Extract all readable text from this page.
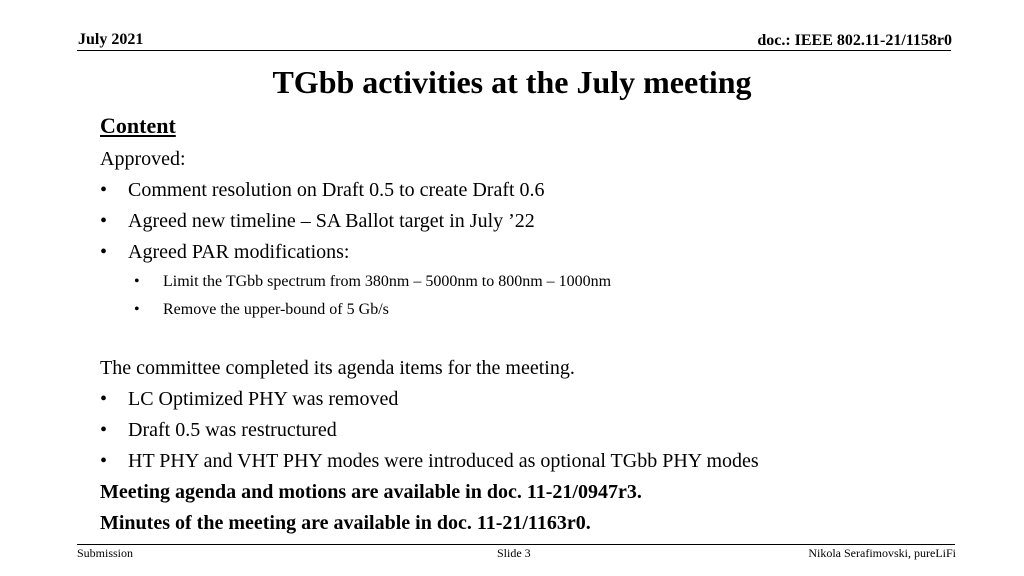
July 2021	doc.: IEEE 802.11-21/1158r0
TGbb activities at the July meeting
Content
Approved:
• Comment resolution on Draft 0.5 to create Draft 0.6
• Agreed new timeline – SA Ballot target in July ’22
• Agreed PAR modifications:
• Limit the TGbb spectrum from 380nm – 5000nm to 800nm – 1000nm
• Remove the upper-bound of 5 Gb/s
The committee completed its agenda items for the meeting.
• LC Optimized PHY was removed
• Draft 0.5 was restructured
• HT PHY and VHT PHY modes were introduced as optional TGbb PHY modes
Meeting agenda and motions are available in doc. 11-21/0947r3.
Minutes of the meeting are available in doc. 11-21/1163r0.
Submission	Slide 3	Nikola Serafimovski, pureLiFi
